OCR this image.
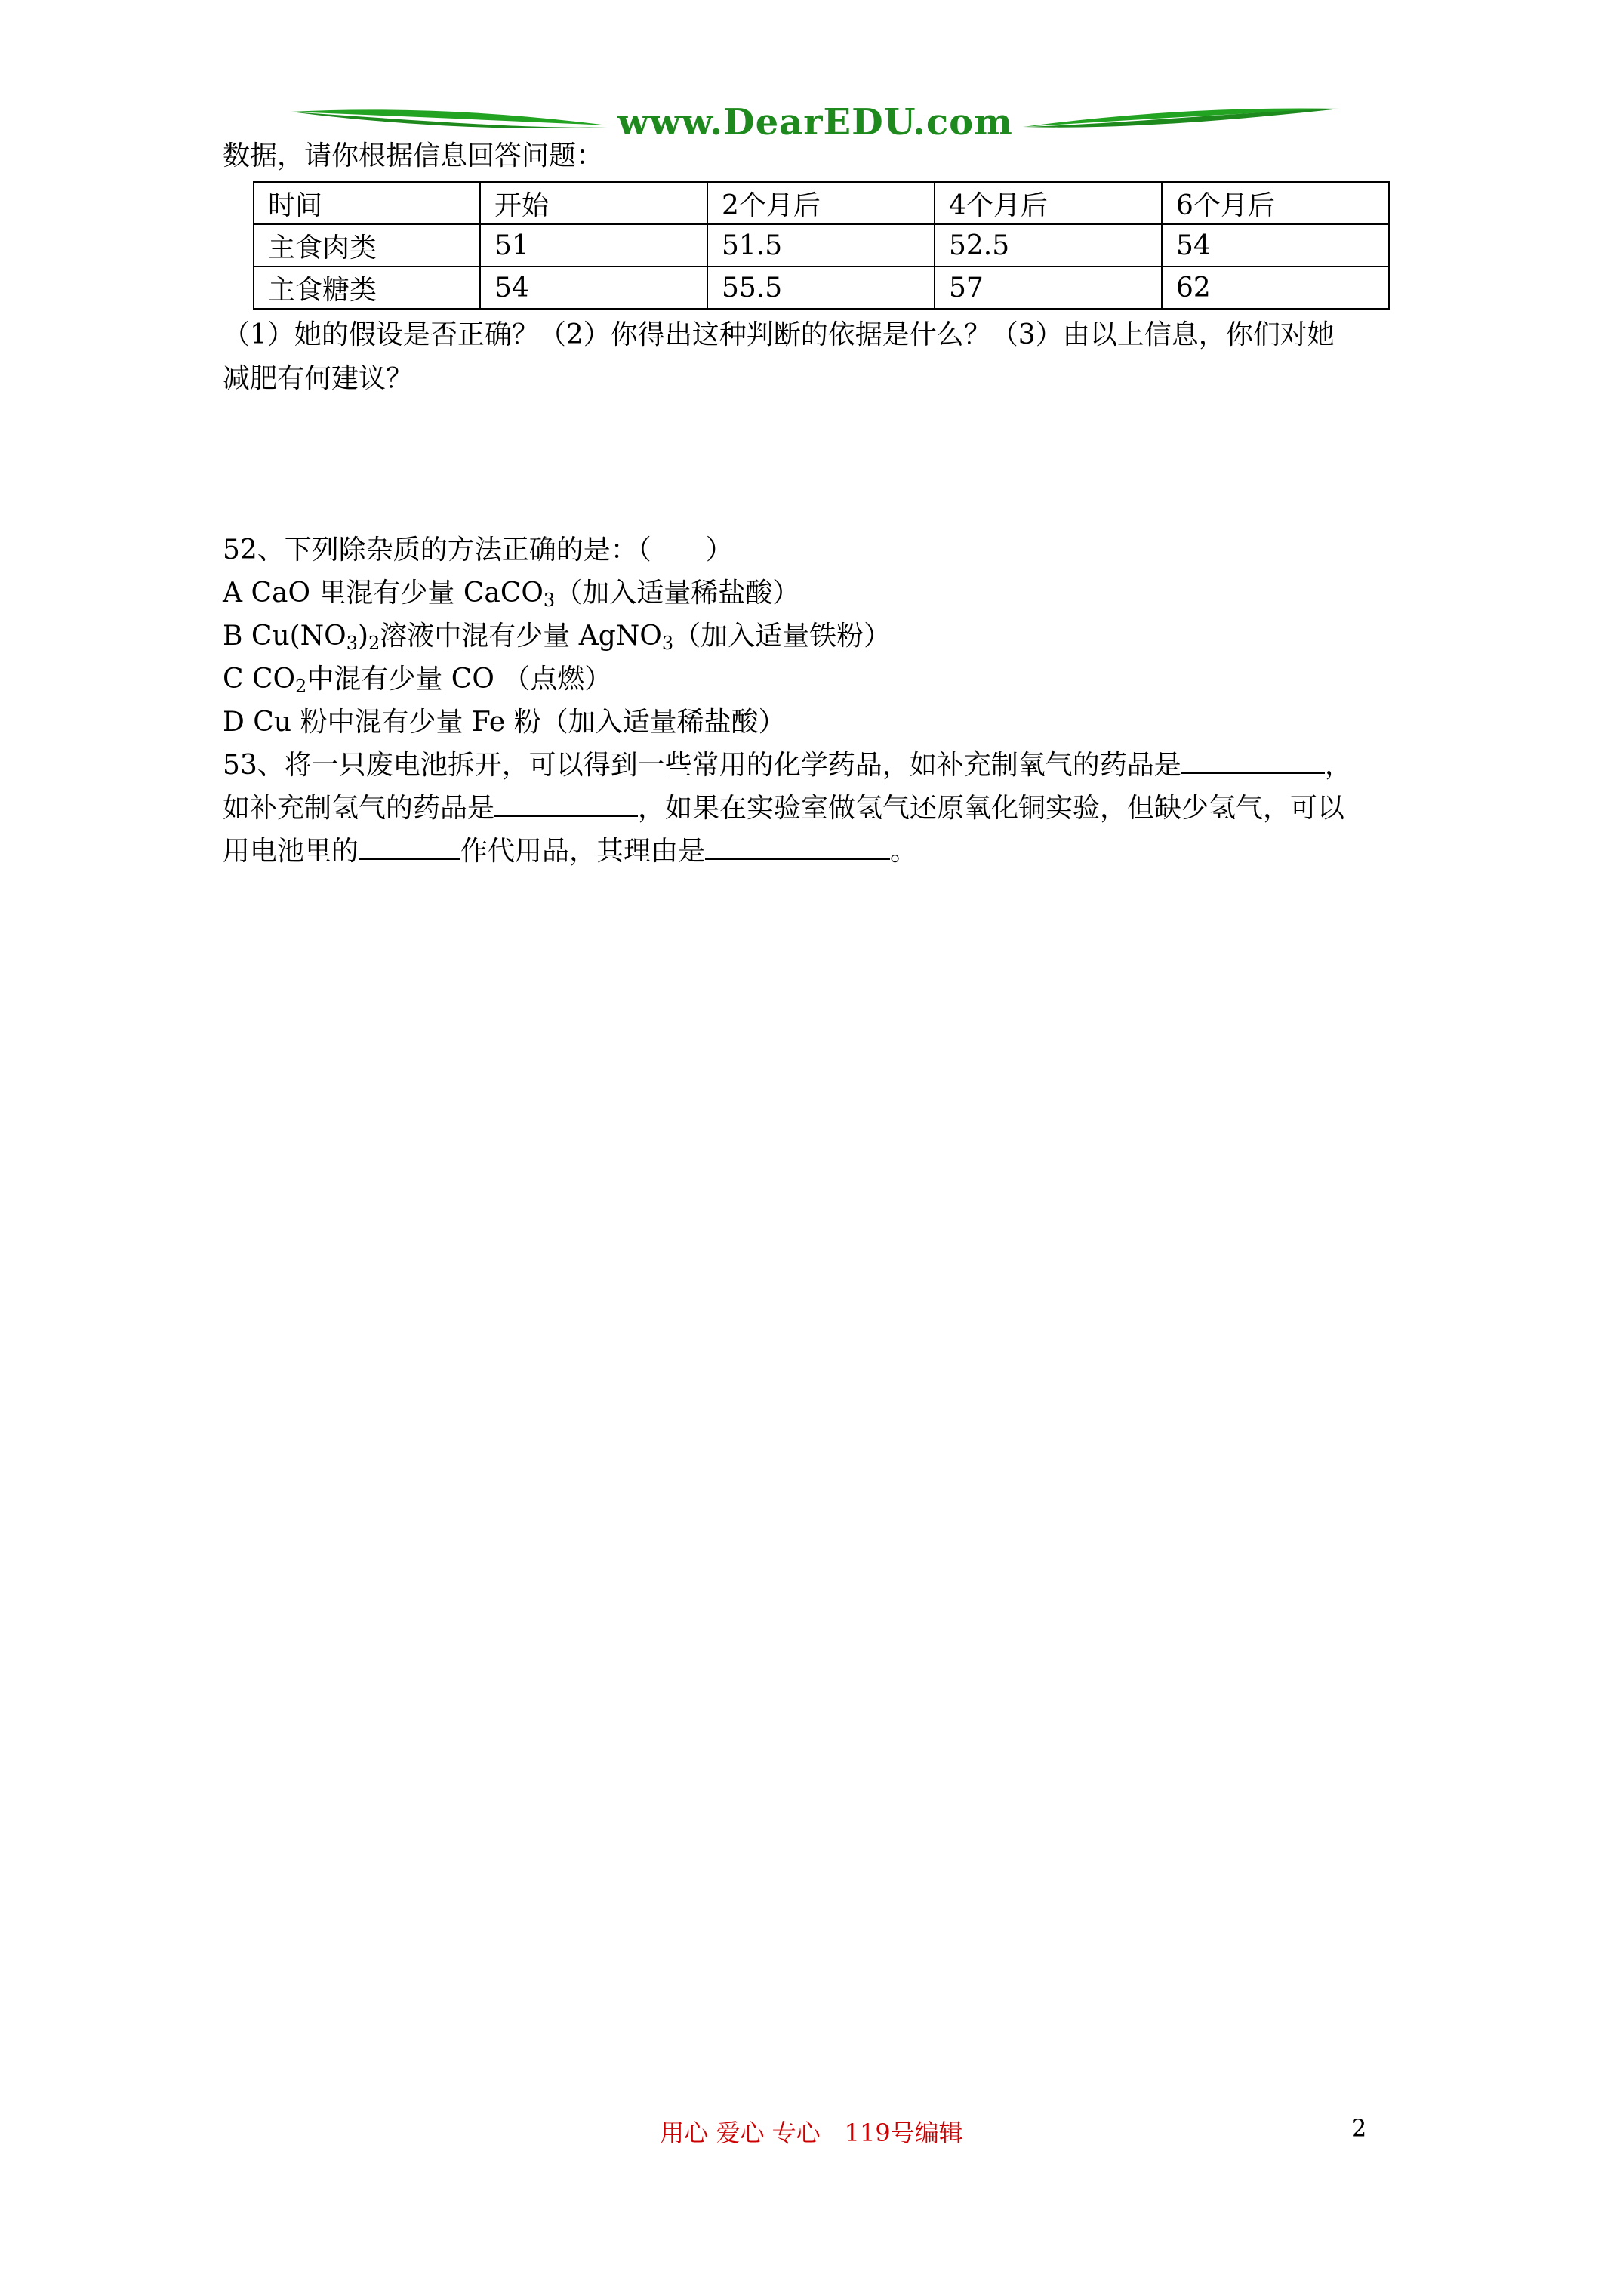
www.DearEDU.com
数据，请你根据信息回答问题：
时间	开始	2个月后	4个月后	6个月后
主食肉类	51	51.5	52.5	54
主食糖类	54	55.5	57	62
（1）她的假设是否正确？（2）你得出这种判断的依据是什么？（3）由以上信息，你们对她
减肥有何建议？
52、下列除杂质的方法正确的是：（　　）
A CaO 里混有少量 CaCO$_3$（加入适量稀盐酸）
B $Cu(NO_3)_2$溶液中混有少量 AgNO$_3$（加入适量铁粉）
C $CO_2$中混有少量 CO （点燃）
D Cu 粉中混有少量 Fe 粉（加入适量稀盐酸）
53、将一只废电池拆开，可以得到一些常用的化学药品，如补充制氧气的药品是	，
如补充制氢气的药品是	，如果在实验室做氢气还原氧化铜实验，但缺少氢气，可以
用电池里的	作代用品，其理由是	。
用心 爱心 专心　119号编辑	2
